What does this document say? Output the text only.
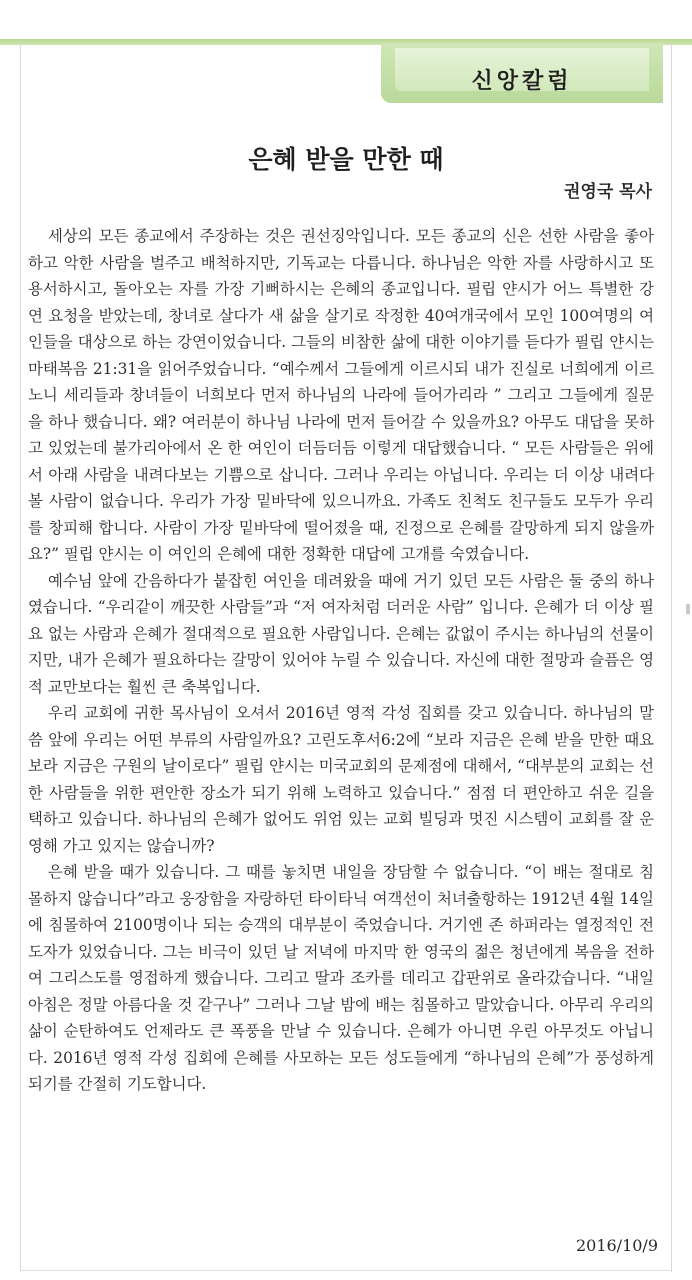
신앙칼럼
은혜 받을 만한 때
권영국 목사

세상의 모든 종교에서 주장하는 것은 권선징악입니다. 모든 종교의 신은 선한 사람을 좋아하고 악한 사람을 벌주고 배척하지만, 기독교는 다릅니다. 하나님은 악한 자를 사랑하시고 또 용서하시고, 돌아오는 자를 가장 기뻐하시는 은혜의 종교입니다. 필립 얀시가 어느 특별한 강연 요청을 받았는데, 창녀로 살다가 새 삶을 살기로 작정한 40여개국에서 모인 100여명의 여인들을 대상으로 하는 강연이었습니다. 그들의 비참한 삶에 대한 이야기를 듣다가 필립 얀시는 마태복음 21:31을 읽어주었습니다. “예수께서 그들에게 이르시되 내가 진실로 너희에게 이르노니 세리들과 창녀들이 너희보다 먼저 하나님의 나라에 들어가리라 ” 그리고 그들에게 질문을 하나 했습니다. 왜? 여러분이 하나님 나라에 먼저 들어갈 수 있을까요? 아무도 대답을 못하고 있었는데 불가리아에서 온 한 여인이 더듬더듬 이렇게 대답했습니다. “ 모든 사람들은 위에서 아래 사람을 내려다보는 기쁨으로 삽니다. 그러나 우리는 아닙니다. 우리는 더 이상 내려다 볼 사람이 없습니다. 우리가 가장 밑바닥에 있으니까요. 가족도 친척도 친구들도 모두가 우리를 창피해 합니다. 사람이 가장 밑바닥에 떨어졌을 때, 진정으로 은혜를 갈망하게 되지 않을까요?” 필립 얀시는 이 여인의 은혜에 대한 정확한 대답에 고개를 숙였습니다.

예수님 앞에 간음하다가 붙잡힌 여인을 데려왔을 때에 거기 있던 모든 사람은 둘 중의 하나였습니다. “우리같이 깨끗한 사람들”과 “저 여자처럼 더러운 사람” 입니다. 은혜가 더 이상 필요 없는 사람과 은혜가 절대적으로 필요한 사람입니다. 은혜는 값없이 주시는 하나님의 선물이지만, 내가 은혜가 필요하다는 갈망이 있어야 누릴 수 있습니다. 자신에 대한 절망과 슬픔은 영적 교만보다는 훨씬 큰 축복입니다.

우리 교회에 귀한 목사님이 오셔서 2016년 영적 각성 집회를 갖고 있습니다. 하나님의 말씀 앞에 우리는 어떤 부류의 사람일까요? 고린도후서6:2에 “보라 지금은 은혜 받을 만한 때요 보라 지금은 구원의 날이로다” 필립 얀시는 미국교회의 문제점에 대해서, “대부분의 교회는 선한 사람들을 위한 편안한 장소가 되기 위해 노력하고 있습니다.” 점점 더 편안하고 쉬운 길을 택하고 있습니다. 하나님의 은혜가 없어도 위엄 있는 교회 빌딩과 멋진 시스템이 교회를 잘 운영해 가고 있지는 않습니까?

은혜 받을 때가 있습니다. 그 때를 놓치면 내일을 장담할 수 없습니다. “이 배는 절대로 침몰하지 않습니다”라고 웅장함을 자랑하던 타이타닉 여객선이 처녀출항하는 1912년 4월 14일에 침몰하여 2100명이나 되는 승객의 대부분이 죽었습니다. 거기엔 존 하퍼라는 열정적인 전도자가 있었습니다. 그는 비극이 있던 날 저녁에 마지막 한 영국의 젊은 청년에게 복음을 전하여 그리스도를 영접하게 했습니다. 그리고 딸과 조카를 데리고 갑판위로 올라갔습니다. “내일 아침은 정말 아름다울 것 같구나” 그러나 그날 밤에 배는 침몰하고 말았습니다. 아무리 우리의 삶이 순탄하여도 언제라도 큰 폭풍을 만날 수 있습니다. 은혜가 아니면 우린 아무것도 아닙니다. 2016년 영적 각성 집회에 은혜를 사모하는 모든 성도들에게 “하나님의 은혜”가 풍성하게 되기를 간절히 기도합니다.

2016/10/9
